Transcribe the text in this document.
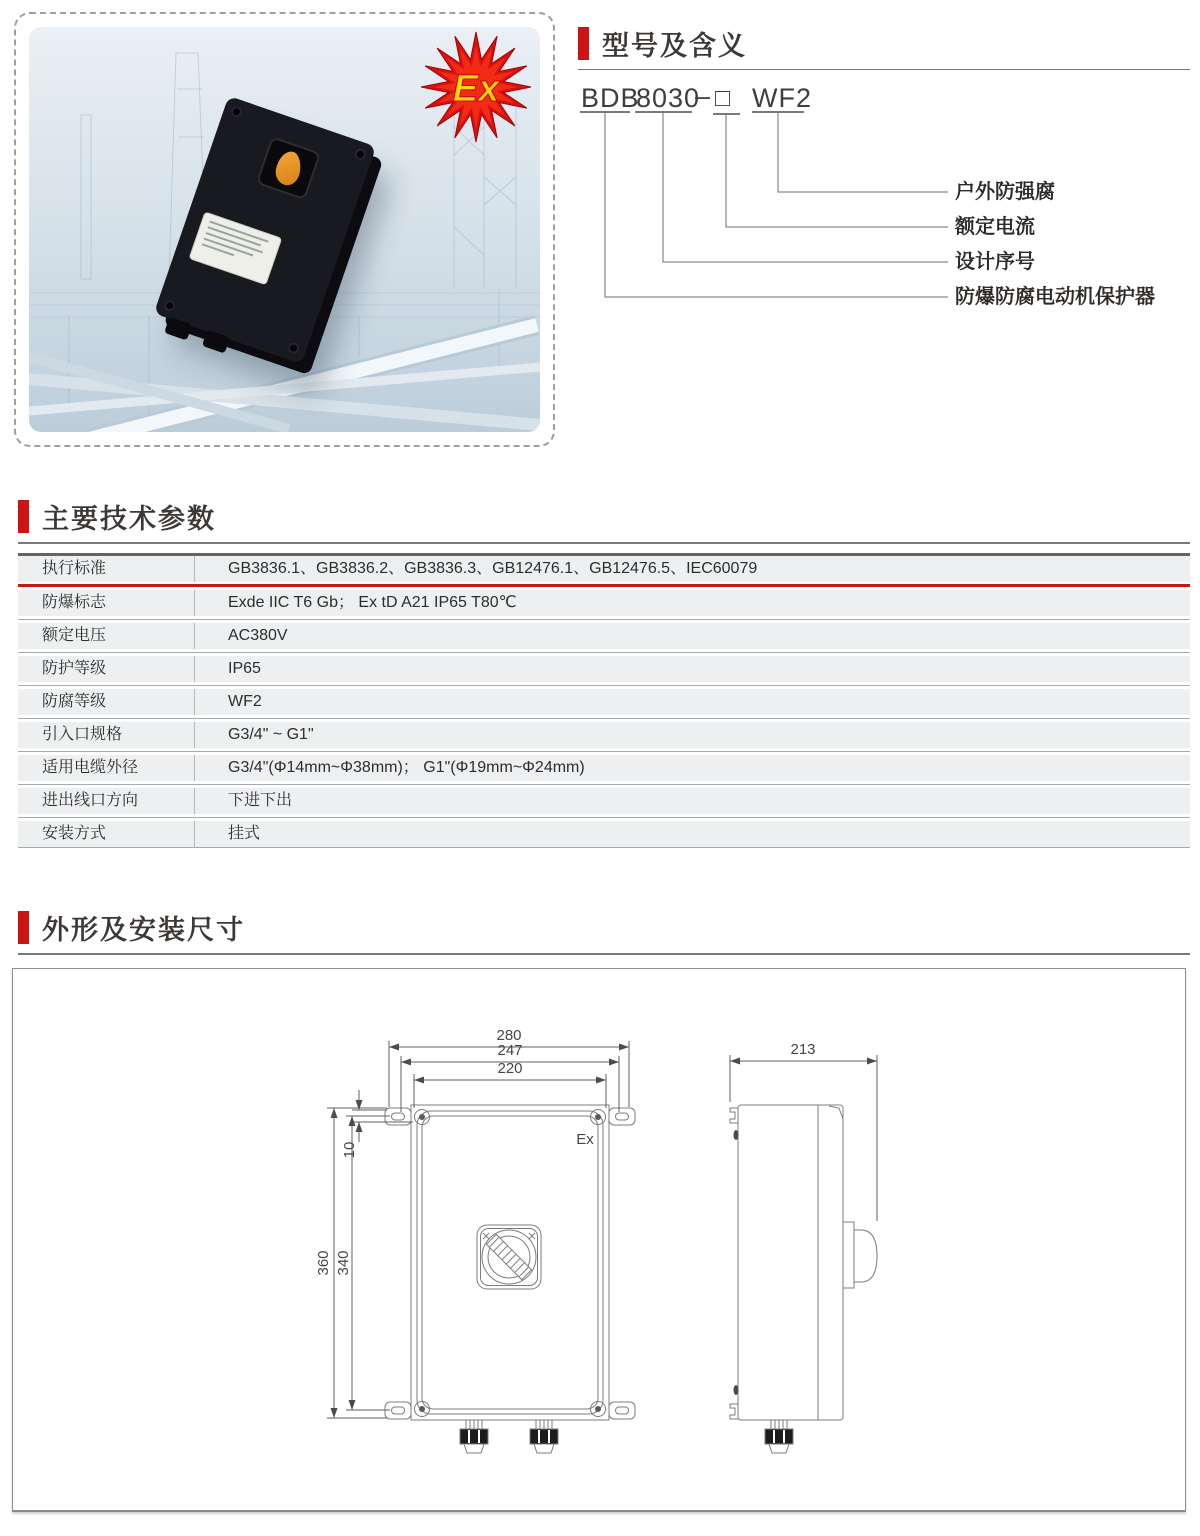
Ex
型号及含义
BDB
8030
– □ WF2
户外防强腐
额定电流
设计序号
防爆防腐电动机保护器
主要技术参数
执行标准	GB3836.1、GB3836.2、GB3836.3、GB12476.1、GB12476.5、IEC60079
防爆标志	Exde IIC T6 Gb； Ex tD A21 IP65 T80℃
额定电压	AC380V
防护等级	IP65
防腐等级	WF2
引入口规格	G3/4" ~ G1"
适用电缆外径	G3/4"(Φ14mm~Φ38mm)； G1"(Φ19mm~Φ24mm)
进出线口方向	下进下出
安装方式	挂式
外形及安装尺寸
Ex
280
247
220
360 340
10
213
